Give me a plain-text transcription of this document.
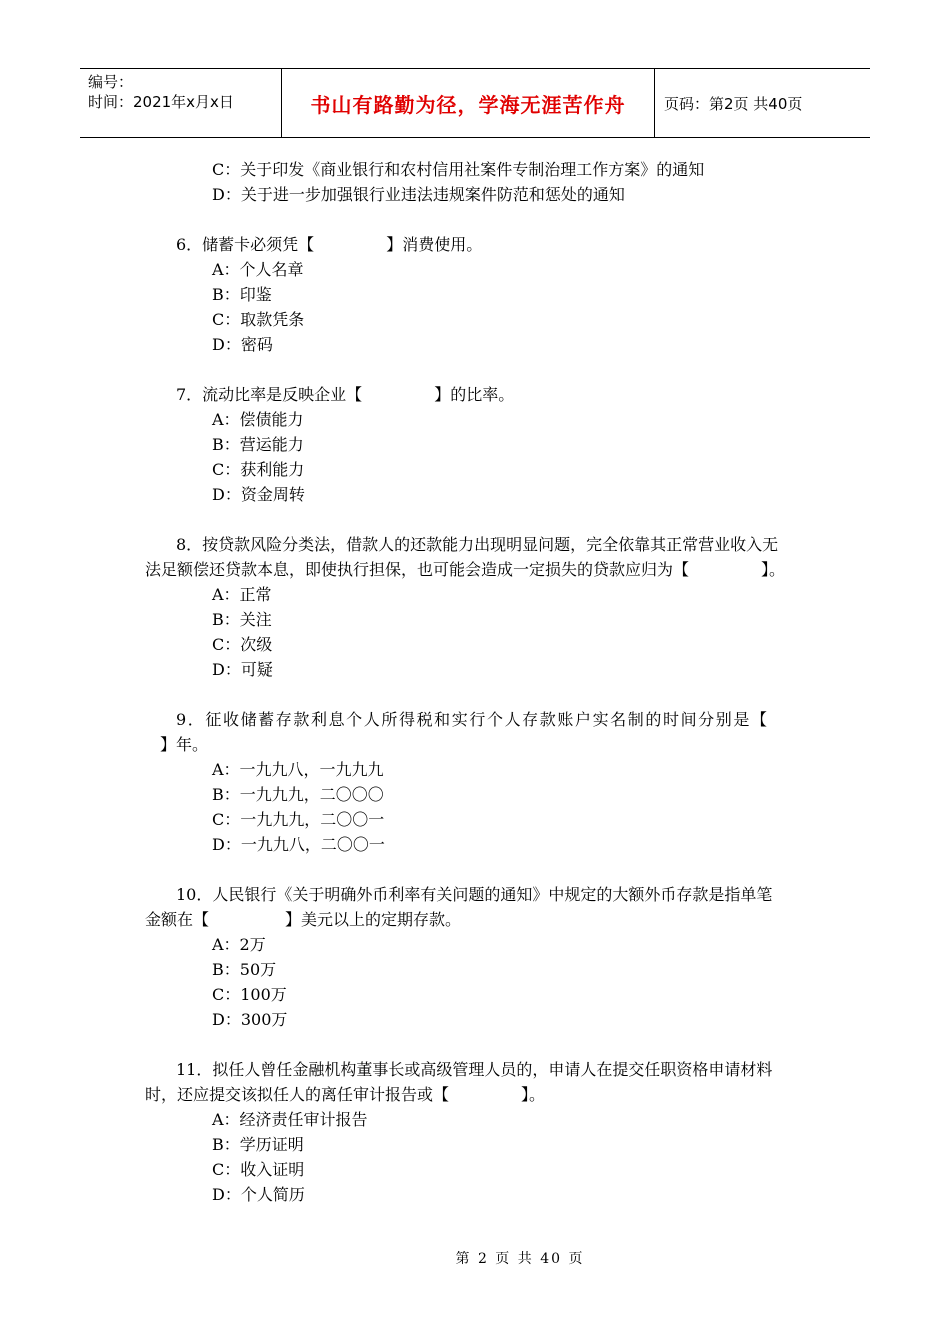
编号：
时间：2021年x月x日	书山有路勤为径，学海无涯苦作舟	页码：第2页 共40页
C：关于印发《商业银行和农村信用社案件专制治理工作方案》的通知
D：关于进一步加强银行业违法违规案件防范和惩处的通知
6．储蓄卡必须凭【	】消费使用。
A：个人名章
B：印鉴
C：取款凭条
D：密码
7．流动比率是反映企业【	】的比率。
A：偿债能力
B：营运能力
C：获利能力
D：资金周转
8．按贷款风险分类法，借款人的还款能力出现明显问题，完全依靠其正常营业收入无
法足额偿还贷款本息，即使执行担保，也可能会造成一定损失的贷款应归为【	】。
A：正常
B：关注
C：次级
D：可疑
9．征收储蓄存款利息个人所得税和实行个人存款账户实名制的时间分别是【
】年。
A：一九九八，一九九九
B：一九九九，二〇〇〇
C：一九九九，二〇〇一
D：一九九八，二〇〇一
10．人民银行《关于明确外币利率有关问题的通知》中规定的大额外币存款是指单笔
金额在【	】美元以上的定期存款。
A：2万
B：50万
C：100万
D：300万
11．拟任人曾任金融机构董事长或高级管理人员的，申请人在提交任职资格申请材料
时，还应提交该拟任人的离任审计报告或【	】。
A：经济责任审计报告
B：学历证明
C：收入证明
D：个人简历
第 2 页 共 40 页
